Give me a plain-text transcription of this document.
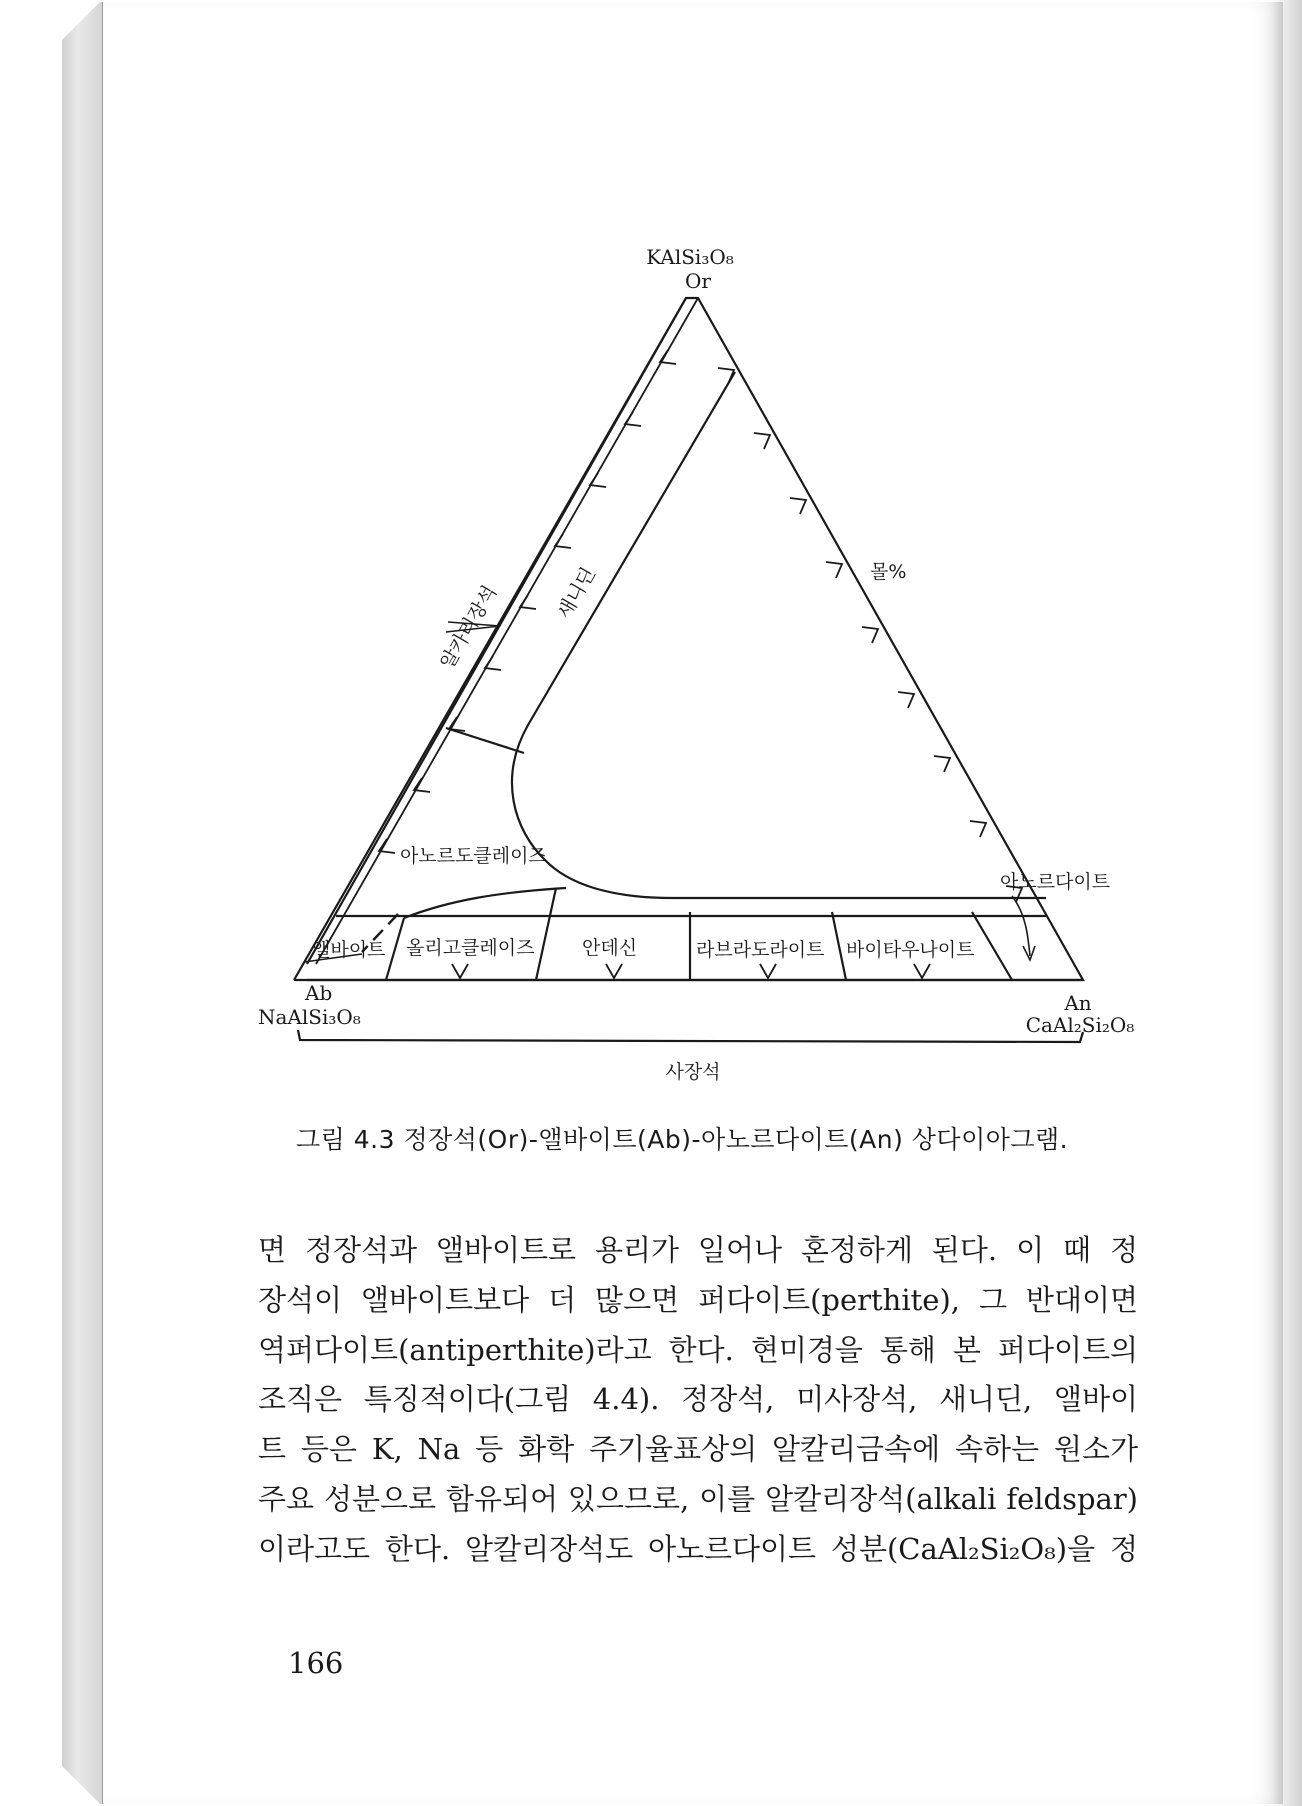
KAlSi₃O₈
Or
Ab
NaAlSi₃O₈
An
CaAl₂Si₂O₈
알카리장석	새니딘	몰%
아노르도클레이즈
아노르다이트
앨바이트 올리고클레이즈	안데신	라브라도라이트 바이타우나이트
사장석
그림 4.3 정장석(Or)-앨바이트(Ab)-아노르다이트(An) 상다이아그램.
면 정장석과 앨바이트로 용리가 일어나 혼정하게 된다. 이 때 정
장석이 앨바이트보다 더 많으면 퍼다이트(perthite), 그 반대이면
역퍼다이트(antiperthite)라고 한다. 현미경을 통해 본 퍼다이트의
조직은 특징적이다(그림 4.4). 정장석, 미사장석, 새니딘, 앨바이
트 등은 K, Na 등 화학 주기율표상의 알칼리금속에 속하는 원소가
주요 성분으로 함유되어 있으므로, 이를 알칼리장석(alkali feldspar)
이라고도 한다. 알칼리장석도 아노르다이트 성분(CaAl₂Si₂O₈)을 정
166
